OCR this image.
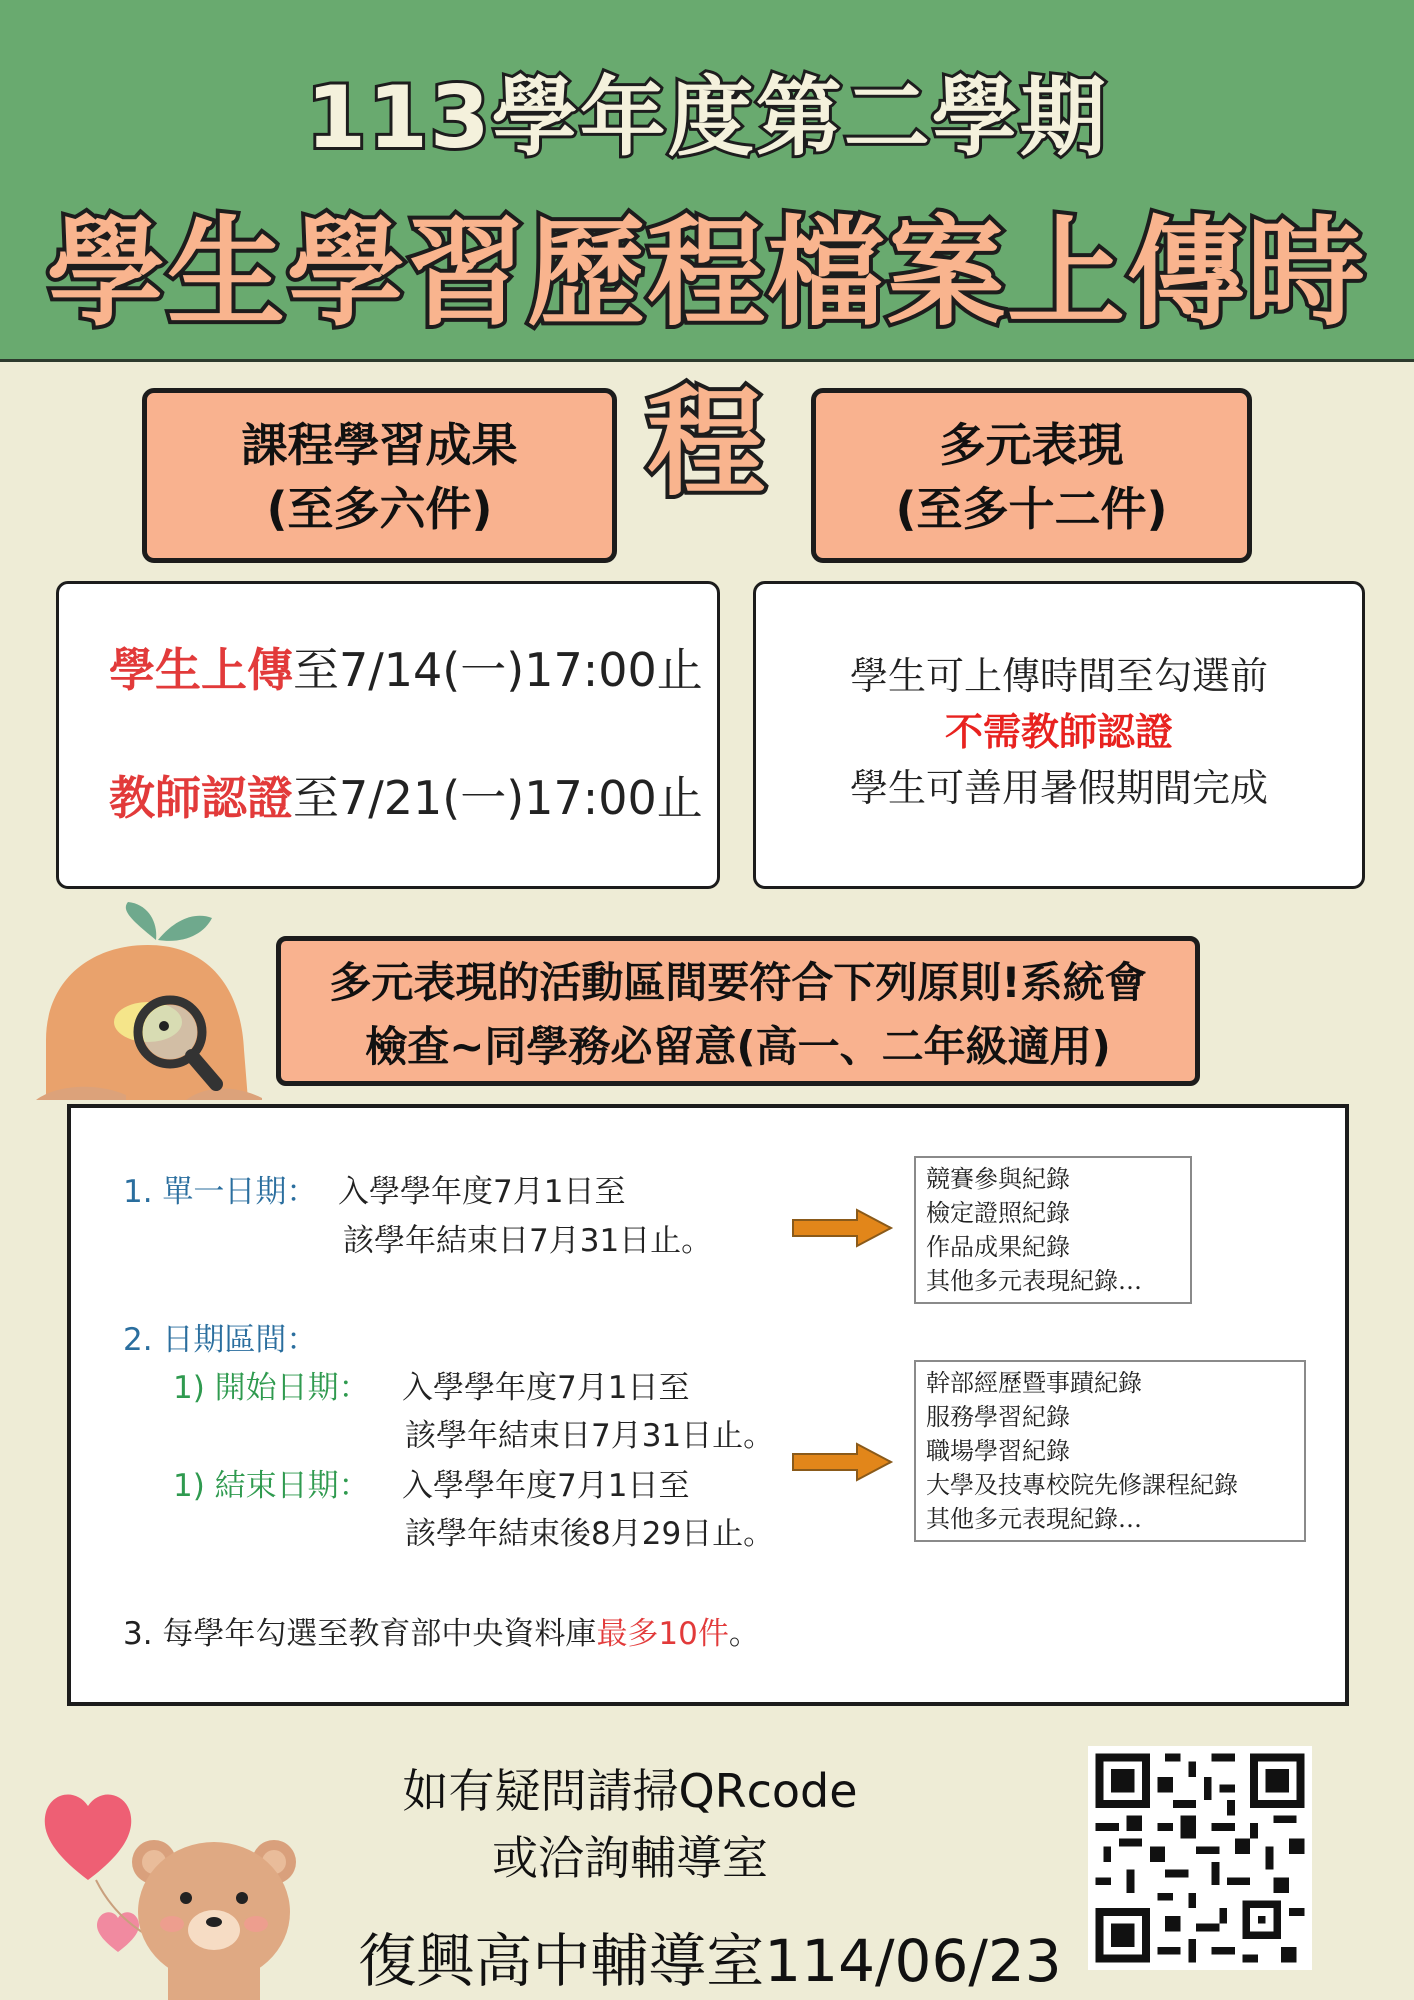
113學年度第二學期
學生學習歷程檔案上傳時程
課程學習成果
(至多六件)
多元表現
(至多十二件)
學生上傳至7/14(一)17:00止
教師認證至7/21(一)17:00止
學生可上傳時間至勾選前
不需教師認證
學生可善用暑假期間完成
多元表現的活動區間要符合下列原則!系統會
檢查~同學務必留意(高一、二年級適用)
1. 單一日期： 入學學年度7月1日至
該學年結束日7月31日止。
競賽參與紀錄
檢定證照紀錄
作品成果紀錄
其他多元表現紀錄…
2. 日期區間：
1) 開始日期： 入學學年度7月1日至
該學年結束日7月31日止。
1) 結束日期： 入學學年度7月1日至
該學年結束後8月29日止。
幹部經歷暨事蹟紀錄
服務學習紀錄
職場學習紀錄
大學及技專校院先修課程紀錄
其他多元表現紀錄…
3. 每學年勾選至教育部中央資料庫最多10件。
如有疑問請掃QRcode
或洽詢輔導室
復興高中輔導室114/06/23
